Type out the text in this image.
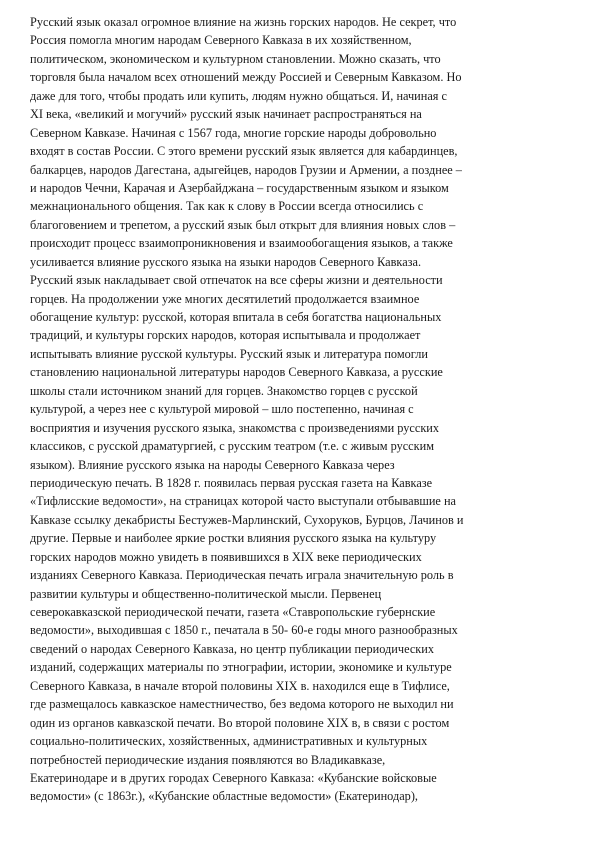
Русский язык оказал огромное влияние на жизнь горских народов. Не секрет, что
Россия помогла многим народам Северного Кавказа в их хозяйственном,
политическом, экономическом и культурном становлении. Можно сказать, что
торговля была началом всех отношений между Россией и Северным Кавказом. Но
даже для того, чтобы продать или купить, людям нужно общаться. И, начиная с
XI века, «великий и могучий» русский язык начинает распространяться на
Северном Кавказе. Начиная с 1567 года, многие горские народы добровольно
входят в состав России. С этого времени русский язык является для кабардинцев,
балкарцев, народов Дагестана, адыгейцев, народов Грузии и Армении, а позднее –
и народов Чечни, Карачая и Азербайджана – государственным языком и языком
межнационального общения. Так как к слову в России всегда относились с
благоговением и трепетом, а русский язык был открыт для влияния новых слов –
происходит процесс взаимопроникновения и взаимообогащения языков, а также
усиливается влияние русского языка на языки народов Северного Кавказа.
Русский язык накладывает свой отпечаток на все сферы жизни и деятельности
горцев. На продолжении уже многих десятилетий продолжается взаимное
обогащение культур: русской, которая впитала в себя богатства национальных
традиций, и культуры горских народов, которая испытывала и продолжает
испытывать влияние русской культуры. Русский язык и литература помогли
становлению национальной литературы народов Северного Кавказа, а русские
школы стали источником знаний для горцев. Знакомство горцев с русской
культурой, а через нее с культурой мировой – шло постепенно, начиная с
восприятия и изучения русского языка, знакомства с произведениями русских
классиков, с русской драматургией, с русским театром (т.е. с живым русским
языком). Влияние русского языка на народы Северного Кавказа через
периодическую печать. В 1828 г. появилась первая русская газета на Кавказе
«Тифлисские ведомости», на страницах которой часто выступали отбывавшие на
Кавказе ссылку декабристы Бестужев-Марлинский, Сухоруков, Бурцов, Лачинов и
другие. Первые и наиболее яркие ростки влияния русского языка на культуру
горских народов можно увидеть в появившихся в XIX веке периодических
изданиях Северного Кавказа. Периодическая печать играла значительную роль в
развитии культуры и общественно-политической мысли. Первенец
северокавказской периодической печати, газета «Ставропольские губернские
ведомости», выходившая с 1850 г., печатала в 50- 60-е годы много разнообразных
сведений о народах Северного Кавказа, но центр публикации периодических
изданий, содержащих материалы по этнографии, истории, экономике и культуре
Северного Кавказа, в начале второй половины XIX в. находился еще в Тифлисе,
где размещалось кавказское наместничество, без ведома которого не выходил ни
один из органов кавказской печати. Во второй половине XIX в, в связи с ростом
социально-политических, хозяйственных, административных и культурных
потребностей периодические издания появляются во Владикавказе,
Екатеринодаре и в других городах Северного Кавказа: «Кубанские войсковые
ведомости» (с 1863г.), «Кубанские областные ведомости» (Екатеринодар),
